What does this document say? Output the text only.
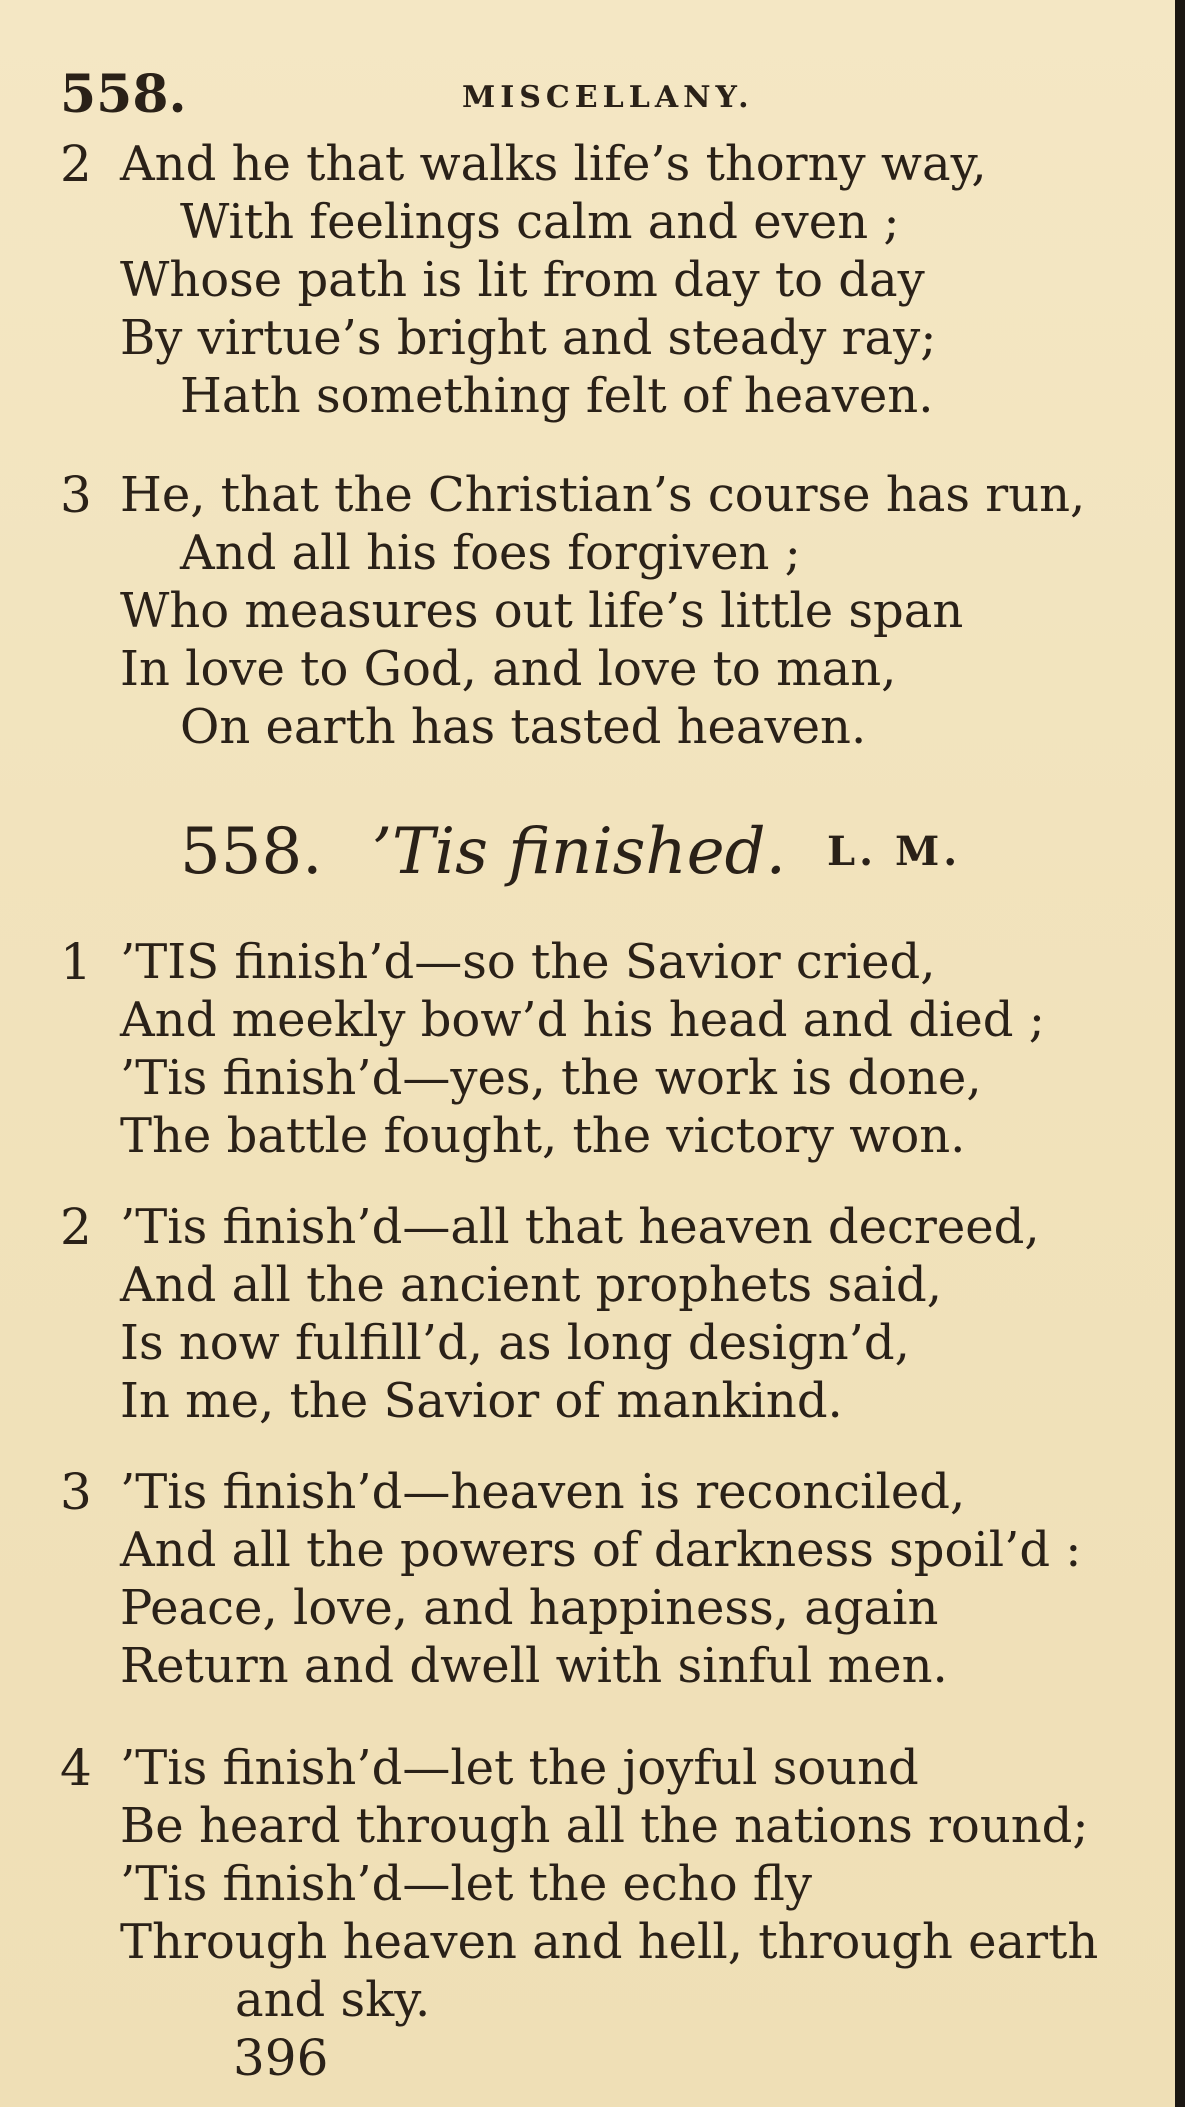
558.	MISCELLANY.
2 And he that walks life’s thorny way,
With feelings calm and even ;
Whose path is lit from day to day
By virtue’s bright and steady ray;
Hath something felt of heaven.
3 He, that the Christian’s course has run,
And all his foes forgiven ;
Who measures out life’s little span
In love to God, and love to man,
On earth has tasted heaven.
558. ’Tis finished. L. M.
1 ’TIS finish’d—so the Savior cried,
And meekly bow’d his head and died ;
’Tis finish’d—yes, the work is done,
The battle fought, the victory won.
2 ’Tis finish’d—all that heaven decreed,
And all the ancient prophets said,
Is now fulfill’d, as long design’d,
In me, the Savior of mankind.
3 ’Tis finish’d—heaven is reconciled,
And all the powers of darkness spoil’d :
Peace, love, and happiness, again
Return and dwell with sinful men.
4 ’Tis finish’d—let the joyful sound
Be heard through all the nations round;
’Tis finish’d—let the echo fly
Through heaven and hell, through earth
and sky.
396
